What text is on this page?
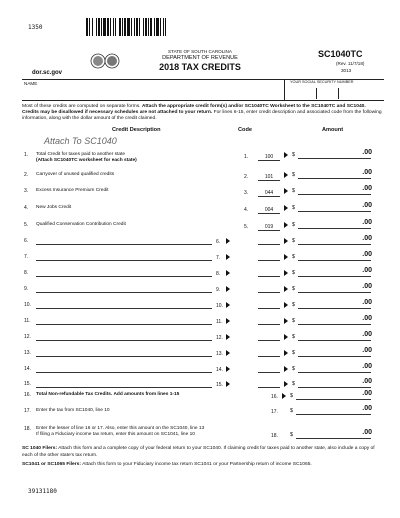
1350
STATE OF SOUTH CAROLINA
DEPARTMENT OF REVENUE
2018 TAX CREDITS
dor.sc.gov
SC1040TC
(Rev. 11/7/18)
3013
NAME	YOUR SOCIAL SECURITY NUMBER
Most of these credits are computed on separate forms. Attach the appropriate credit form(s) and/or SC1040TC Worksheet to the SC1040TC and SC1040. Credits may be disallowed if necessary schedules are not attached to your return. For lines 6-15, enter credit description and associated code from the following information, along with the dollar amount of the credit claimed.
Credit Description	Code	Amount
Attach To SC1040
1. Total Credit for taxes paid to another state
(Attach SC1040TC worksheet for each state)
1.	100	$	.00
2. Carryover of unused qualified credits	2.	101	$	.00
3. Excess Insurance Premium Credit	3.	044	$	.00
4. New Jobs Credit	4.	004	$	.00
5. Qualified Conservation Contribution Credit	5.	019	$	.00
6.	6.	$	.00
7.	7.	$	.00
8.	8.	$	.00
9.	9.	$	.00
10.	10.	$	.00
11.	11.	$	.00
12.	12.	$	.00
13.	13.	$	.00
14.	14.	$	.00
15.	15.	$	.00
16. Total Non-refundable Tax Credits. Add amounts from lines 1-15	16. $	.00
17. Enter the tax from SC1040, line 10	17. $	.00
18. Enter the lesser of line 16 or 17. Also, enter this amount on the SC1040, line 13
If filing a Fiduciary income tax return, enter this amount on SC1041, line 10	18. $	.00
SC 1040 Filers: Attach this form and a complete copy of your federal return to your SC1040. If claiming credit for taxes paid to another state, also include a copy of each of the other state's tax return.
SC1041 or SC1065 Filers: Attach this form to your Fiduciary income tax return SC1041 or your Partnership return of income SC1065.
39131180
